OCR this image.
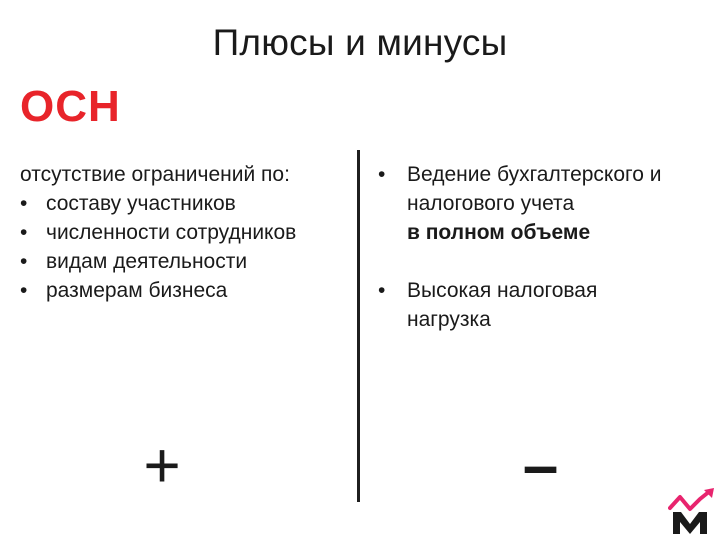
Плюсы и минусы
ОСН

отсутствие ограничений по:

• составу участников
• численности сотрудников
• видам деятельности
• размерам бизнеса
• Ведение бухгалтерского и
налогового учета
в полном объеме
• Высокая налоговая
нагрузка
+	–
